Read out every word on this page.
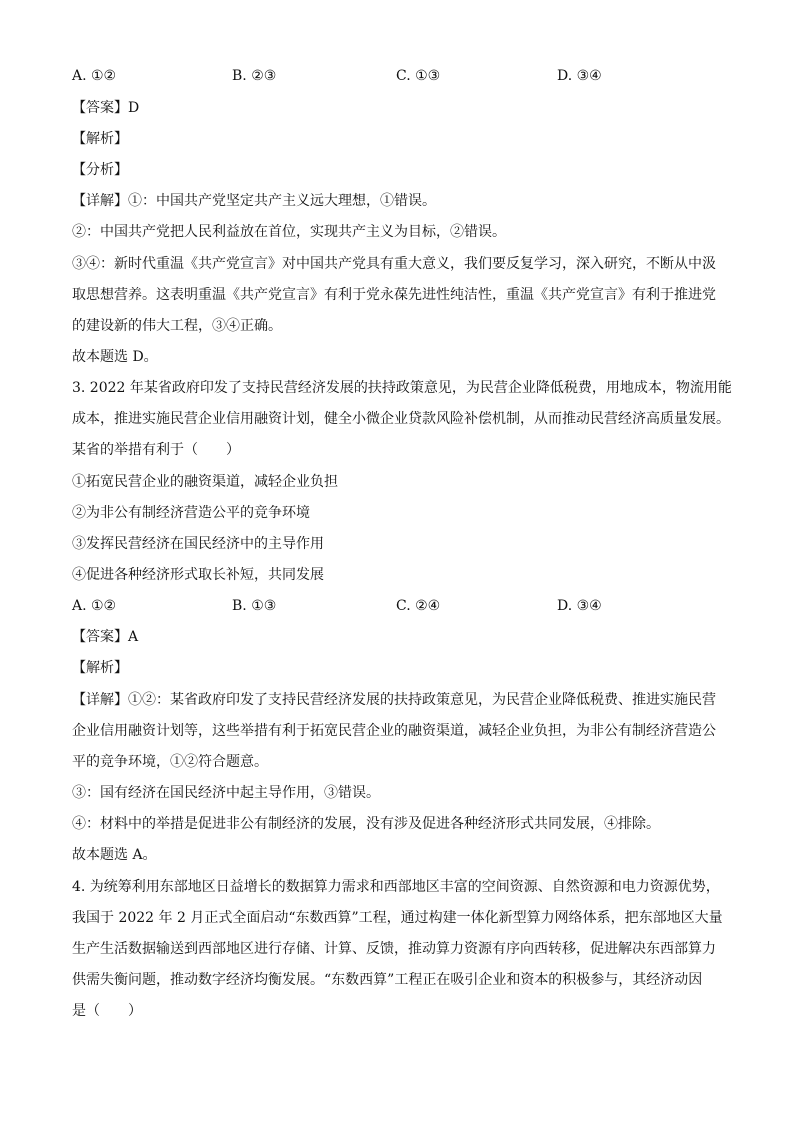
A. ①②	B. ②③	C. ①③	D. ③④
【答案】D
【解析】
【分析】
【详解】①：中国共产党坚定共产主义远大理想，①错误。
②：中国共产党把人民利益放在首位，实现共产主义为目标，②错误。
③④：新时代重温《共产党宣言》对中国共产党具有重大意义，我们要反复学习，深入研究，不断从中汲
取思想营养。这表明重温《共产党宣言》有利于党永葆先进性纯洁性，重温《共产党宣言》有利于推进党
的建设新的伟大工程，③④正确。
故本题选 D。
3. 2022 年某省政府印发了支持民营经济发展的扶持政策意见，为民营企业降低税费，用地成本，物流用能
成本，推进实施民营企业信用融资计划，健全小微企业贷款风险补偿机制，从而推动民营经济高质量发展。
某省的举措有利于（　　）
①拓宽民营企业的融资渠道，减轻企业负担
②为非公有制经济营造公平的竞争环境
③发挥民营经济在国民经济中的主导作用
④促进各种经济形式取长补短，共同发展
A. ①②	B. ①③	C. ②④	D. ③④
【答案】A
【解析】
【详解】①②：某省政府印发了支持民营经济发展的扶持政策意见，为民营企业降低税费、推进实施民营
企业信用融资计划等，这些举措有利于拓宽民营企业的融资渠道，减轻企业负担，为非公有制经济营造公
平的竞争环境，①②符合题意。
③：国有经济在国民经济中起主导作用，③错误。
④：材料中的举措是促进非公有制经济的发展，没有涉及促进各种经济形式共同发展，④排除。
故本题选 A。
4. 为统筹利用东部地区日益增长的数据算力需求和西部地区丰富的空间资源、自然资源和电力资源优势，
我国于 2022 年 2 月正式全面启动“东数西算”工程，通过构建一体化新型算力网络体系，把东部地区大量
生产生活数据输送到西部地区进行存储、计算、反馈，推动算力资源有序向西转移，促进解决东西部算力
供需失衡问题，推动数字经济均衡发展。“东数西算”工程正在吸引企业和资本的积极参与，其经济动因
是（　　）
